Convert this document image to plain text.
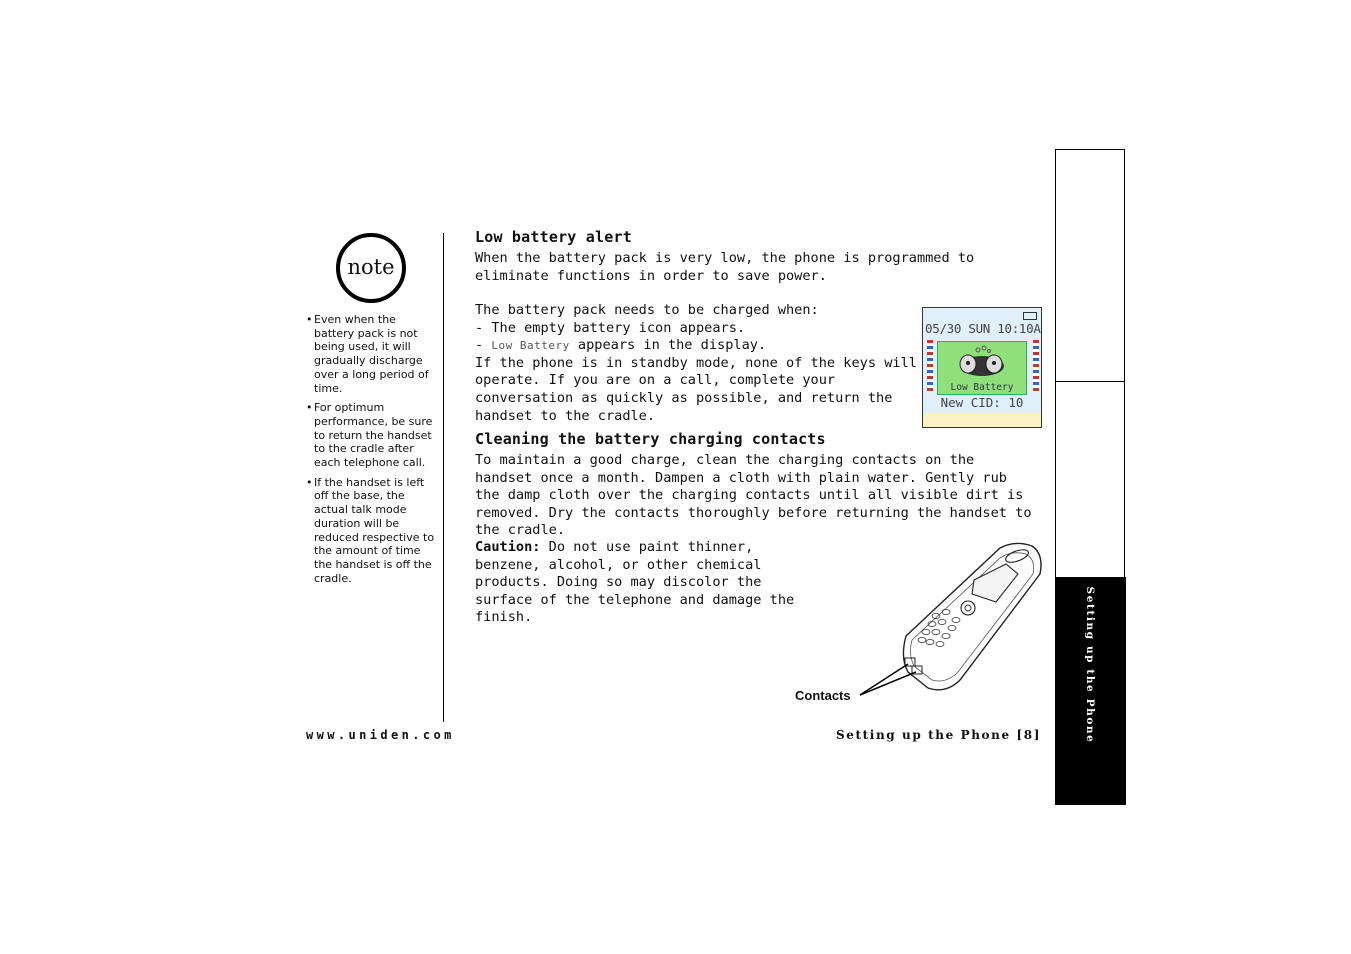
note
• Even when the battery pack is not being used, it will gradually discharge over a long period of time.
• For optimum performance, be sure to return the handset to the cradle after each telephone call.
• If the handset is left off the base, the actual talk mode duration will be reduced respective to the amount of time the handset is off the cradle.
Low battery alert
When the battery pack is very low, the phone is programmed to eliminate functions in order to save power.
The battery pack needs to be charged when:
- The empty battery icon appears.
- Low Battery appears in the display.
If the phone is in standby mode, none of the keys will operate. If you are on a call, complete your conversation as quickly as possible, and return the handset to the cradle.
05/30 SUN 10:10A
Low Battery
New CID: 10
Cleaning the battery charging contacts
To maintain a good charge, clean the charging contacts on the handset once a month. Dampen a cloth with plain water. Gently rub the damp cloth over the charging contacts until all visible dirt is removed. Dry the contacts thoroughly before returning the handset to the cradle.
Caution: Do not use paint thinner, benzene, alcohol, or other chemical products. Doing so may discolor the surface of the telephone and damage the finish.
Contacts
www.uniden.com	Setting up the Phone [8]	Setting up the Phone
